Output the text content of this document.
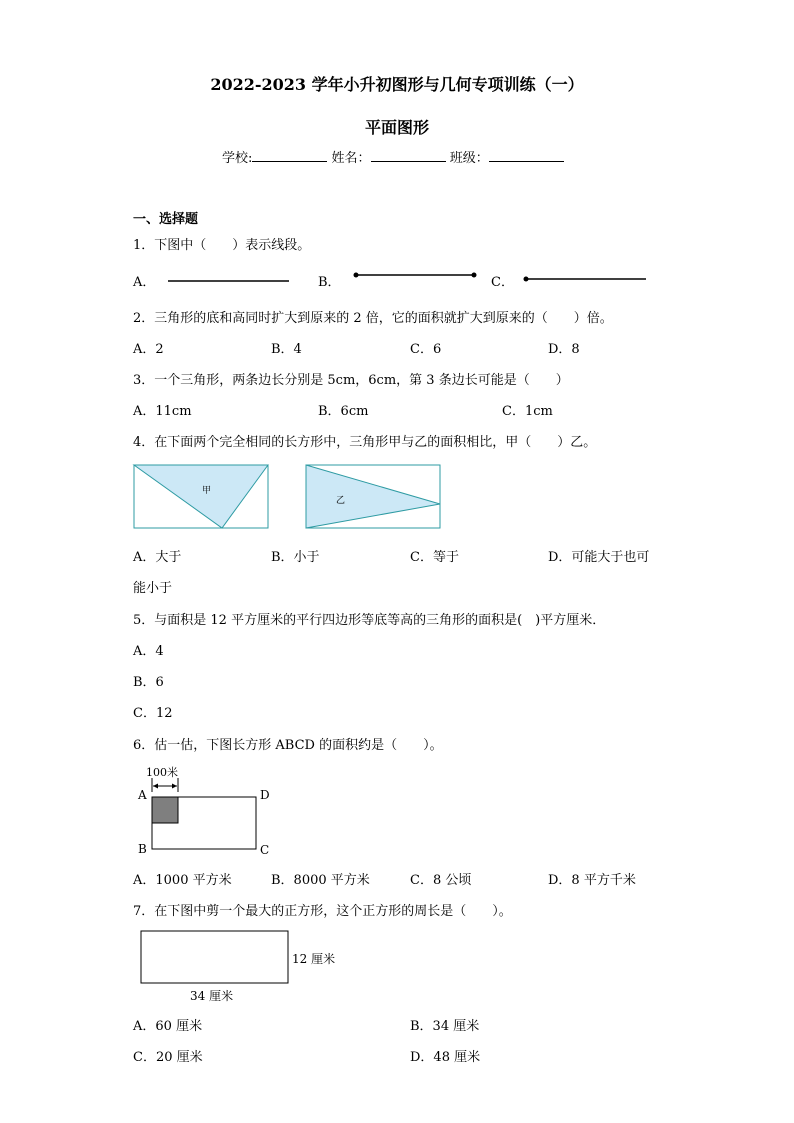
2022-2023 学年小升初图形与几何专项训练（一）
平面图形
学校:	姓名：	班级：
一、选择题
1．下图中（　　）表示线段。
A．	B．	C．
2．三角形的底和高同时扩大到原来的 2 倍，它的面积就扩大到原来的（　　）倍。
A．2	B．4	C．6	D．8
3．一个三角形，两条边长分别是 5cm，6cm，第 3 条边长可能是（　　）
A．11cm	B．6cm	C．1cm
4．在下面两个完全相同的长方形中，三角形甲与乙的面积相比，甲（　　）乙。
甲
乙
A．大于	B．小于	C．等于	D．可能大于也可
能小于
5．与面积是 12 平方厘米的平行四边形等底等高的三角形的面积是(　)平方厘米．
A．4
B．6
C．12
6．估一估，下图长方形 ABCD 的面积约是（　　）。
100米
A	D
B	C
A．1000 平方米	B．8000 平方米	C．8 公顷	D．8 平方千米
7．在下图中剪一个最大的正方形，这个正方形的周长是（　　）。
12 厘米
34 厘米
A．60 厘米	B．34 厘米
C．20 厘米	D．48 厘米
